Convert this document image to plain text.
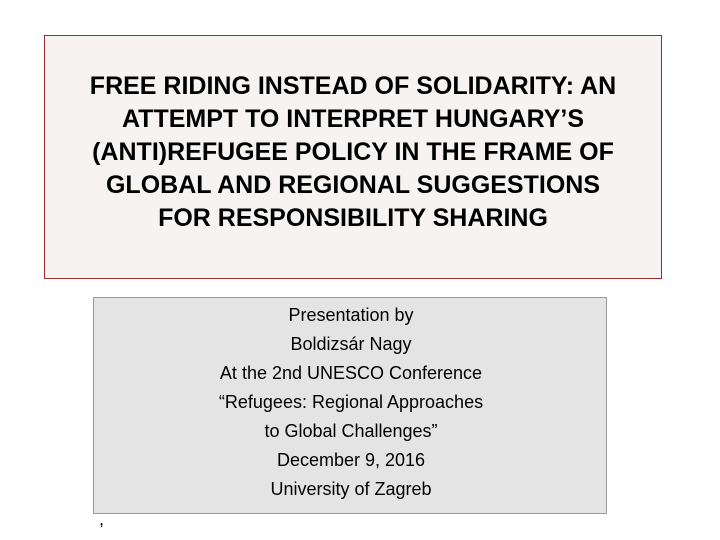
FREE RIDING INSTEAD OF SOLIDARITY: AN
ATTEMPT TO INTERPRET HUNGARY’S
(ANTI)REFUGEE POLICY IN THE FRAME OF
GLOBAL AND REGIONAL SUGGESTIONS
FOR RESPONSIBILITY SHARING
Presentation by
Boldizsár Nagy
At the 2nd UNESCO Conference
“Refugees: Regional Approaches
to Global Challenges”
December 9, 2016
University of Zagreb
,
